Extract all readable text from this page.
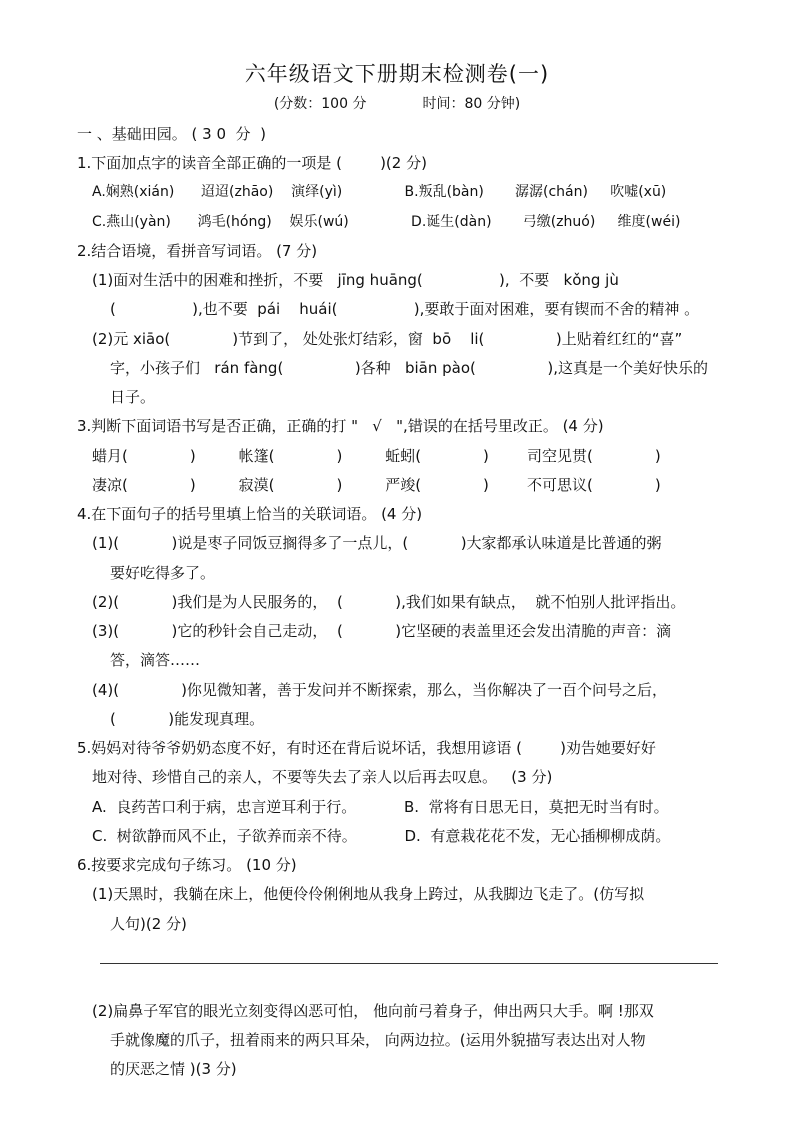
六年级语文下册期末检测卷(一)
(分数：100 分	时间：80 分钟)
一 、基础田园。 ( 3 0  分  )
1.下面加点字的读音全部正确的一项是 (        )(2 分)
A.娴熟(xián)      迢迢(zhāo)    演绎(yì)              B.叛乱(bàn)       潺潺(chán)     吹嘘(xū)
C.燕山(yàn)      鸿毛(hóng)    娱乐(wú)              D.诞生(dàn)       弓缴(zhuó)     维度(wéi)
2.结合语境，看拼音写词语。 (7 分)
(1)面对生活中的困难和挫折，不要   jīng huāng(                ),  不要   kǒng jù
(                ),也不要  pái    huái(                ),要敢于面对困难，要有锲而不舍的精神 。
(2)元 xiāo(             )节到了， 处处张灯结彩，窗  bō    li(               )上贴着红红的“喜”
字，小孩子们   rán fàng(               )各种   biān pào(               ),这真是一个美好快乐的
日子。
3.判断下面词语书写是否正确，正确的打 "   √   ",错误的在括号里改正。 (4 分)
蜡月(             )         帐篷(             )         蚯蚓(             )        司空见贯(             )
凄凉(             )         寂漠(             )         严竣(             )        不可思议(             )
4.在下面句子的括号里填上恰当的关联词语。 (4 分)
(1)(           )说是枣子同饭豆搁得多了一点儿，(           )大家都承认味道是比普通的粥
要好吃得多了。
(2)(           )我们是为人民服务的，  (           ),我们如果有缺点，  就不怕别人批评指出。
(3)(           )它的秒针会自己走动，  (           )它坚硬的表盖里还会发出清脆的声音：滴
答，滴答……
(4)(             )你见微知著，善于发问并不断探索，那么，当你解决了一百个问号之后，
(           )能发现真理。
5.妈妈对待爷爷奶奶态度不好，有时还在背后说坏话，我想用谚语 (        )劝告她要好好
地对待、珍惜自己的亲人，不要等失去了亲人以后再去叹息。   (3 分)
A.  良药苦口利于病，忠言逆耳利于行。          B.  常将有日思无日，莫把无时当有时。
C.  树欲静而风不止，子欲养而亲不待。          D.  有意栽花花不发，无心插柳柳成荫。
6.按要求完成句子练习。 (10 分)
(1)天黑时，我躺在床上，他便伶伶俐俐地从我身上跨过，从我脚边飞走了。(仿写拟
人句)(2 分)
(2)扁鼻子军官的眼光立刻变得凶恶可怕， 他向前弓着身子，伸出两只大手。啊 !那双
手就像魔的爪子，扭着雨来的两只耳朵， 向两边拉。(运用外貌描写表达出对人物
的厌恶之情 )(3 分)
